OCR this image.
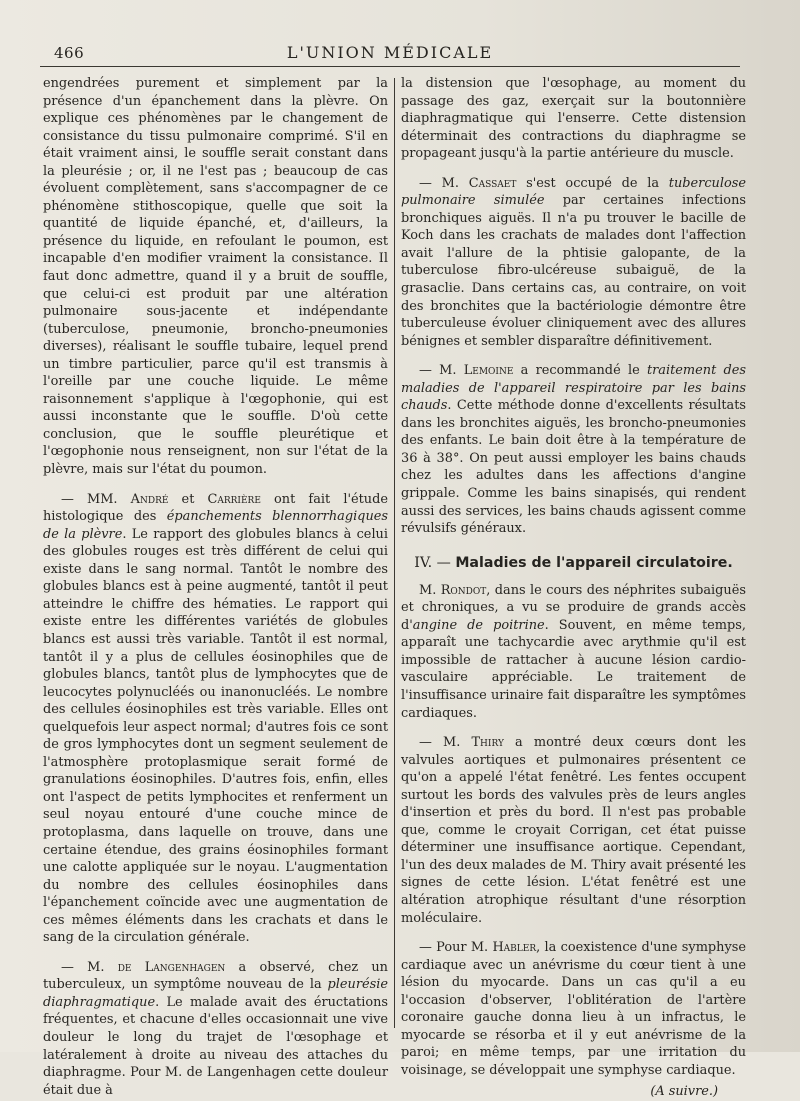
466	L'UNION MÉDICALE

engendrées purement et simplement par la présence d'un épanchement dans la plèvre. On explique ces phénomènes par le changement de consistance du tissu pulmonaire comprimé. S'il en était vraiment ainsi, le souffle serait constant dans la pleurésie ; or, il ne l'est pas ; beaucoup de cas évoluent complètement, sans s'accompagner de ce phénomène stithoscopique, quelle que soit la quantité de liquide épanché, et, d'ailleurs, la présence du liquide, en refoulant le poumon, est incapable d'en modifier vraiment la consistance. Il faut donc admettre, quand il y a bruit de souffle, que celui-ci est produit par une altération pulmonaire sous-jacente et indépendante (tuberculose, pneumonie, broncho-pneumonies diverses), réalisant le souffle tubaire, lequel prend un timbre particulier, parce qu'il est transmis à l'oreille par une couche liquide. Le même raisonnement s'applique à l'œgophonie, qui est aussi inconstante que le souffle. D'où cette conclusion, que le souffle pleurétique et l'œgophonie nous renseignent, non sur l'état de la plèvre, mais sur l'état du poumon.

— MM. André et Carrière ont fait l'étude histologique des épanchements blennorrhagiques de la plèvre. Le rapport des globules blancs à celui des globules rouges est très différent de celui qui existe dans le sang normal. Tantôt le nombre des globules blancs est à peine augmenté, tantôt il peut atteindre le chiffre des hématies. Le rapport qui existe entre les différentes variétés de globules blancs est aussi très variable. Tantôt il est normal, tantôt il y a plus de cellules éosinophiles que de globules blancs, tantôt plus de lymphocytes que de leucocytes polynucléés ou inanonucléés. Le nombre des cellules éosinophiles est très variable. Elles ont quelquefois leur aspect normal; d'autres fois ce sont de gros lymphocytes dont un segment seulement de l'atmosphère protoplasmique serait formé de granulations éosinophiles. D'autres fois, enfin, elles ont l'aspect de petits lymphocites et renferment un seul noyau entouré d'une couche mince de protoplasma, dans laquelle on trouve, dans une certaine étendue, des grains éosinophiles formant une calotte appliquée sur le noyau. L'augmentation du nombre des cellules éosinophiles dans l'épanchement coïncide avec une augmentation de ces mêmes éléments dans les crachats et dans le sang de la circulation générale.

— M. de Langenhagen a observé, chez un tuberculeux, un symptôme nouveau de la pleurésie diaphragmatique. Le malade avait des éructations fréquentes, et chacune d'elles occasionnait une vive douleur le long du trajet de l'œsophage et latéralement à droite au niveau des attaches du diaphragme. Pour M. de Langenhagen cette douleur était due à

la distension que l'œsophage, au moment du passage des gaz, exerçait sur la boutonnière diaphragmatique qui l'enserre. Cette distension déterminait des contractions du diaphragme se propageant jusqu'à la partie antérieure du muscle.

— M. Cassaet s'est occupé de la tuberculose pulmonaire simulée par certaines infections bronchiques aiguës. Il n'a pu trouver le bacille de Koch dans les crachats de malades dont l'affection avait l'allure de la phtisie galopante, de la tuberculose fibro-ulcéreuse subaiguë, de la grasaclie. Dans certains cas, au contraire, on voit des bronchites que la bactériologie démontre être tuberculeuse évoluer cliniquement avec des allures bénignes et sembler disparaître définitivement.

— M. Lemoine a recommandé le traitement des maladies de l'appareil respiratoire par les bains chauds. Cette méthode donne d'excellents résultats dans les bronchites aiguës, les broncho-pneumonies des enfants. Le bain doit être à la température de 36 à 38°. On peut aussi employer les bains chauds chez les adultes dans les affections d'angine grippale. Comme les bains sinapisés, qui rendent aussi des services, les bains chauds agissent comme révulsifs généraux.

IV. — Maladies de l'appareil circulatoire.

M. Rondot, dans le cours des néphrites subaiguës et chroniques, a vu se produire de grands accès d'angine de poitrine. Souvent, en même temps, apparaît une tachycardie avec arythmie qu'il est impossible de rattacher à aucune lésion cardio-vasculaire appréciable. Le traitement de l'insuffisance urinaire fait disparaître les symptômes cardiaques.

— M. Thiry a montré deux cœurs dont les valvules aortiques et pulmonaires présentent ce qu'on a appelé l'état fenêtré. Les fentes occupent surtout les bords des valvules près de leurs angles d'insertion et près du bord. Il n'est pas probable que, comme le croyait Corrigan, cet état puisse déterminer une insuffisance aortique. Cependant, l'un des deux malades de M. Thiry avait présenté les signes de cette lésion. L'état fenêtré est une altération atrophique résultant d'une résorption moléculaire.

— Pour M. Habler, la coexistence d'une symphyse cardiaque avec un anévrisme du cœur tient à une lésion du myocarde. Dans un cas qu'il a eu l'occasion d'observer, l'oblitération de l'artère coronaire gauche donna lieu à un infractus, le myocarde se résorba et il y eut anévrisme de la paroi; en même temps, par une irritation du voisinage, se développait une symphyse cardiaque.

(A suivre.)
